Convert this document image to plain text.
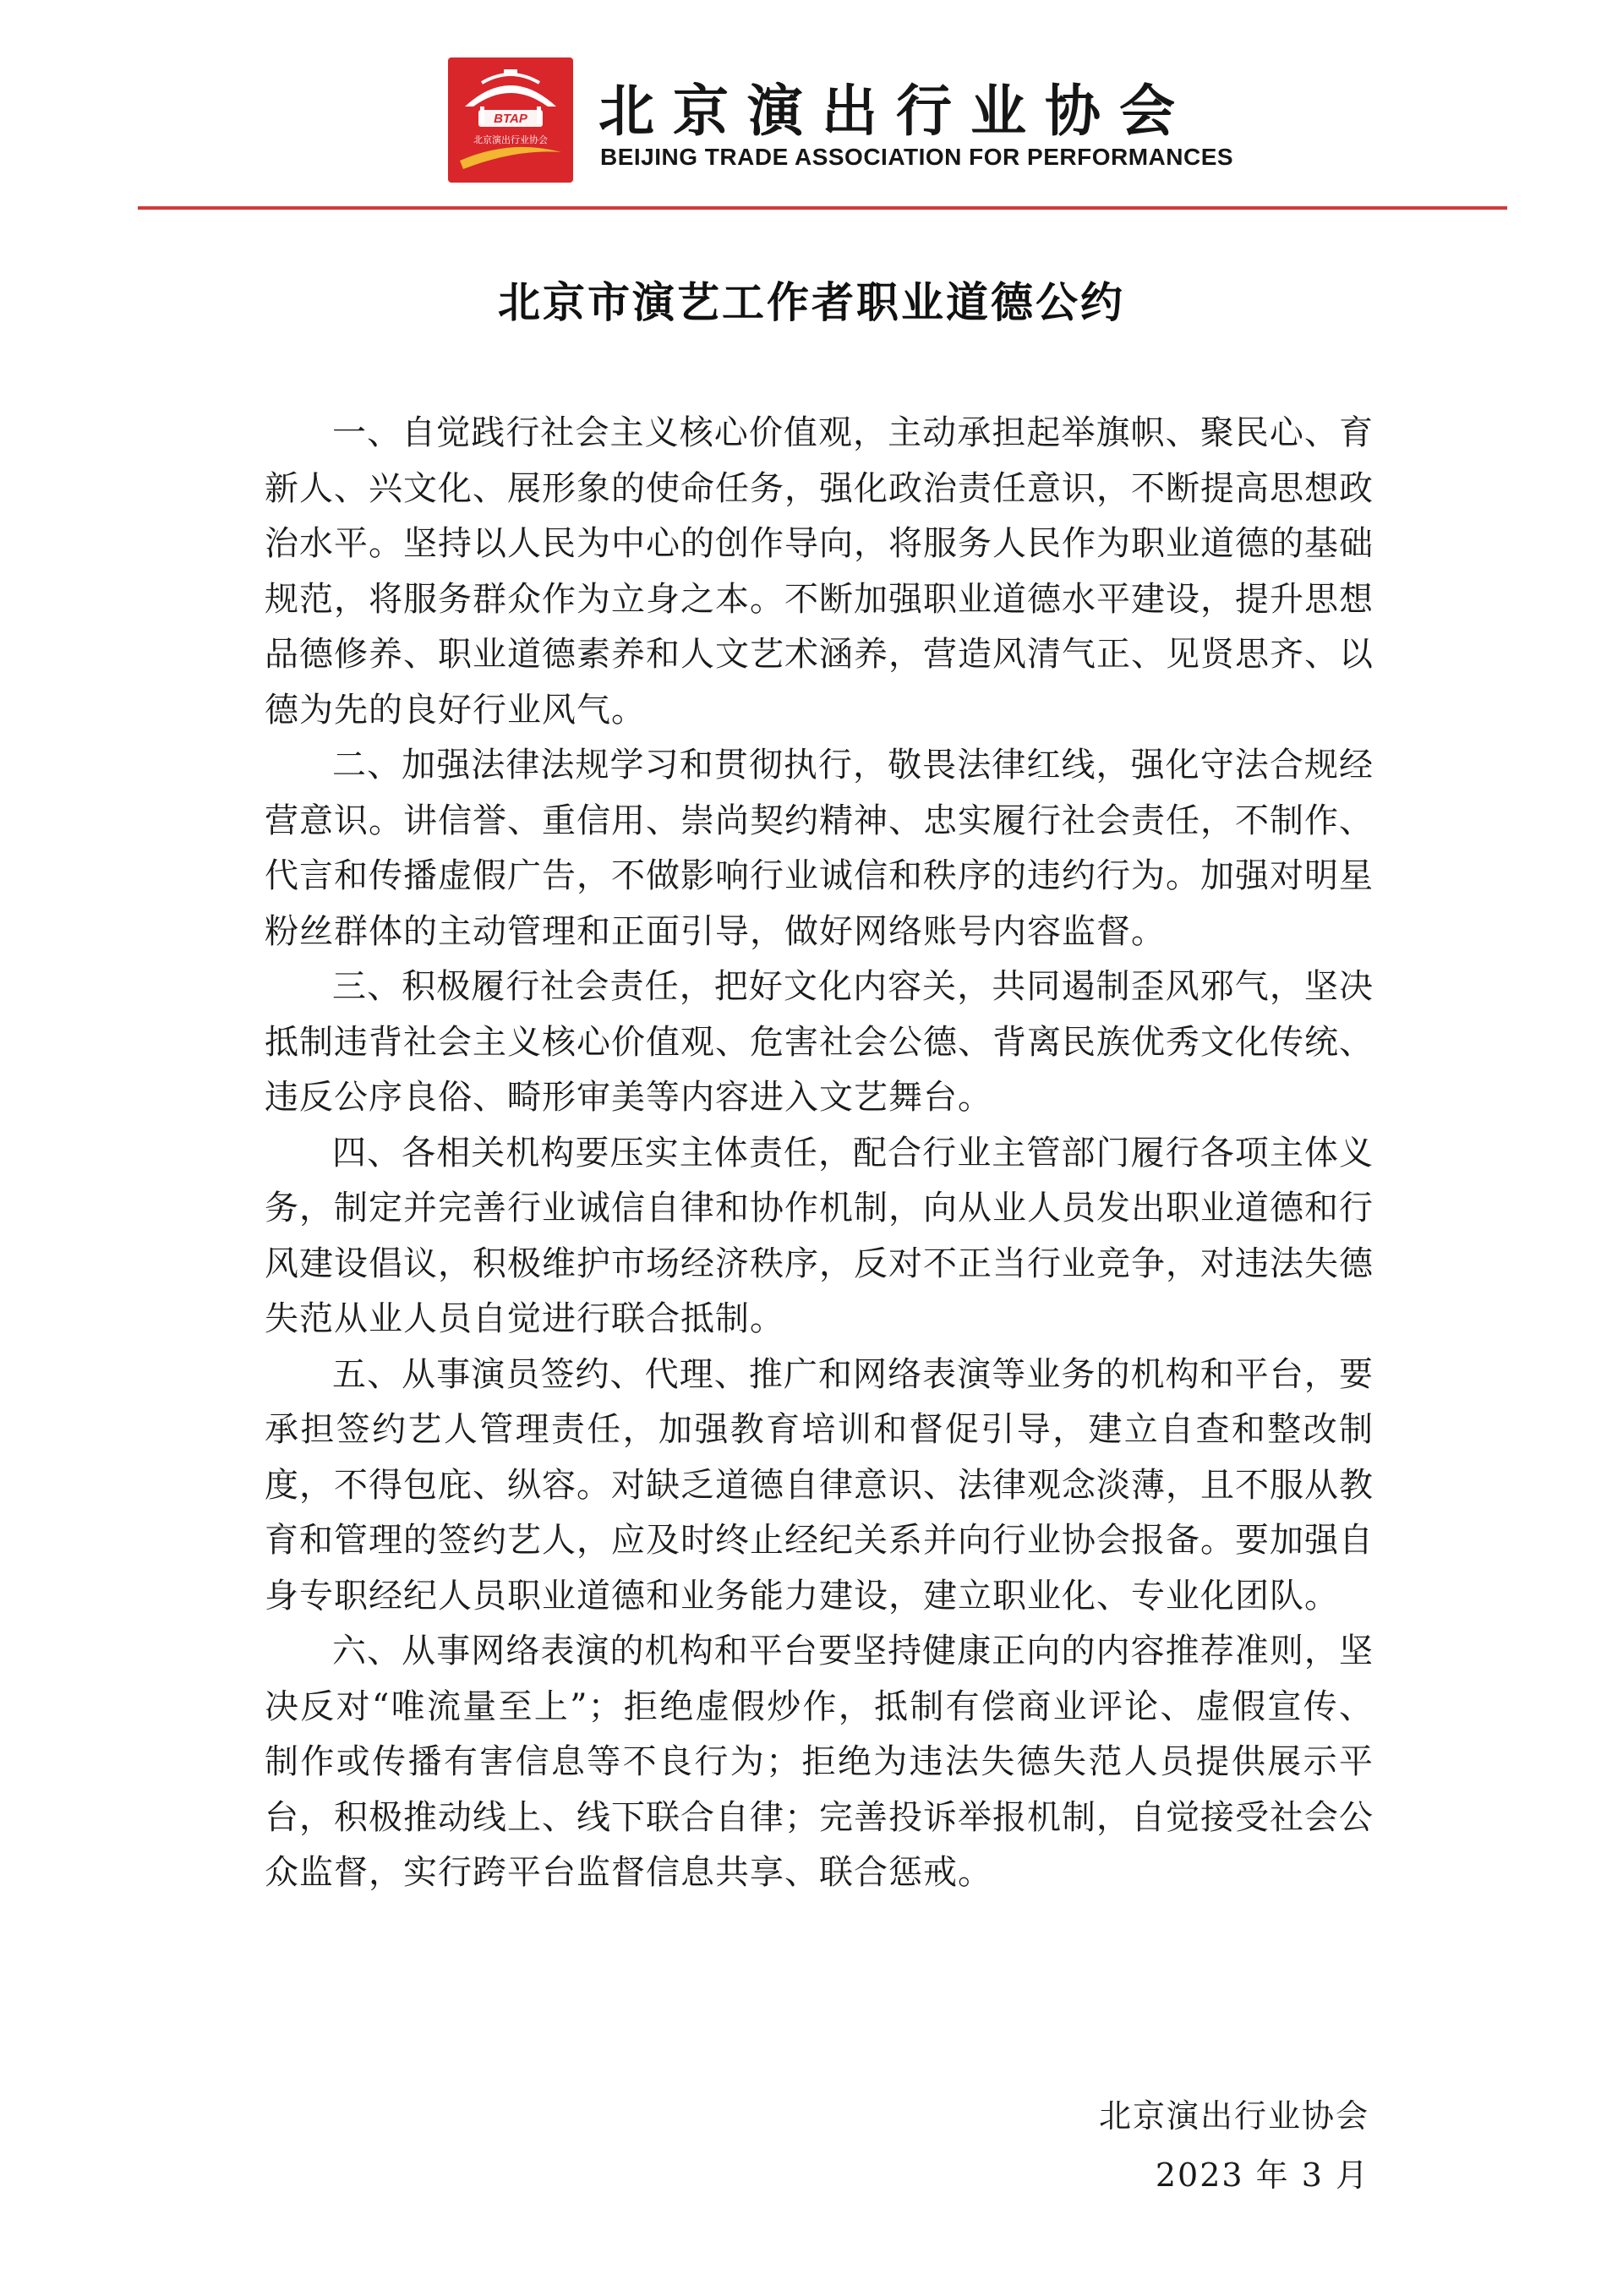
BTAP
北京演出行业协会 北京演出行业协会
BEIJING TRADE ASSOCIATION FOR PERFORMANCES
北京市演艺工作者职业道德公约

一、自觉践行社会主义核心价值观，主动承担起举旗帜、聚民心、育新人、兴文化、展形象的使命任务，强化政治责任意识，不断提高思想政治水平。坚持以人民为中心的创作导向，将服务人民作为职业道德的基础规范，将服务群众作为立身之本。不断加强职业道德水平建设，提升思想品德修养、职业道德素养和人文艺术涵养，营造风清气正、见贤思齐、以德为先的良好行业风气。

二、加强法律法规学习和贯彻执行，敬畏法律红线，强化守法合规经营意识。讲信誉、重信用、崇尚契约精神、忠实履行社会责任，不制作、代言和传播虚假广告，不做影响行业诚信和秩序的违约行为。加强对明星粉丝群体的主动管理和正面引导，做好网络账号内容监督。

三、积极履行社会责任，把好文化内容关，共同遏制歪风邪气，坚决抵制违背社会主义核心价值观、危害社会公德、背离民族优秀文化传统、违反公序良俗、畸形审美等内容进入文艺舞台。

四、各相关机构要压实主体责任，配合行业主管部门履行各项主体义务，制定并完善行业诚信自律和协作机制，向从业人员发出职业道德和行风建设倡议，积极维护市场经济秩序，反对不正当行业竞争，对违法失德失范从业人员自觉进行联合抵制。

五、从事演员签约、代理、推广和网络表演等业务的机构和平台，要承担签约艺人管理责任，加强教育培训和督促引导，建立自查和整改制度，不得包庇、纵容。对缺乏道德自律意识、法律观念淡薄，且不服从教育和管理的签约艺人，应及时终止经纪关系并向行业协会报备。要加强自身专职经纪人员职业道德和业务能力建设，建立职业化、专业化团队。

六、从事网络表演的机构和平台要坚持健康正向的内容推荐准则，坚决反对“唯流量至上”；拒绝虚假炒作，抵制有偿商业评论、虚假宣传、制作或传播有害信息等不良行为；拒绝为违法失德失范人员提供展示平台，积极推动线上、线下联合自律；完善投诉举报机制，自觉接受社会公众监督，实行跨平台监督信息共享、联合惩戒。

北京演出行业协会
2023 年 3 月
